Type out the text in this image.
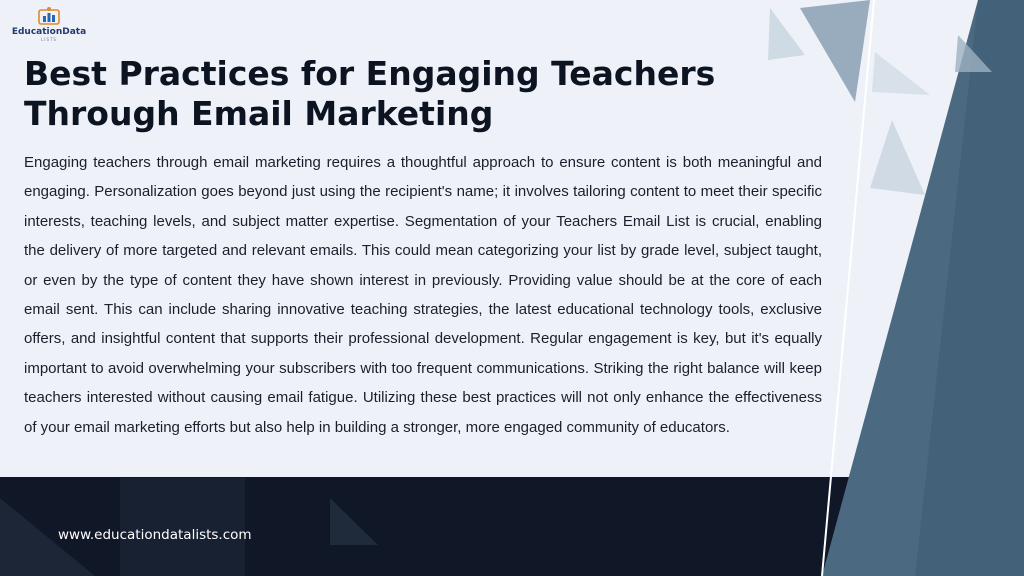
EducationData
LISTS
Best Practices for Engaging Teachers Through Email Marketing

Engaging teachers through email marketing requires a thoughtful approach to ensure content is both meaningful and engaging. Personalization goes beyond just using the recipient's name; it involves tailoring content to meet their specific interests, teaching levels, and subject matter expertise. Segmentation of your Teachers Email List is crucial, enabling the delivery of more targeted and relevant emails. This could mean categorizing your list by grade level, subject taught, or even by the type of content they have shown interest in previously. Providing value should be at the core of each email sent. This can include sharing innovative teaching strategies, the latest educational technology tools, exclusive offers, and insightful content that supports their professional development. Regular engagement is key, but it's equally important to avoid overwhelming your subscribers with too frequent communications. Striking the right balance will keep teachers interested without causing email fatigue. Utilizing these best practices will not only enhance the effectiveness of your email marketing efforts but also help in building a stronger, more engaged community of educators.

www.educationdatalists.com
